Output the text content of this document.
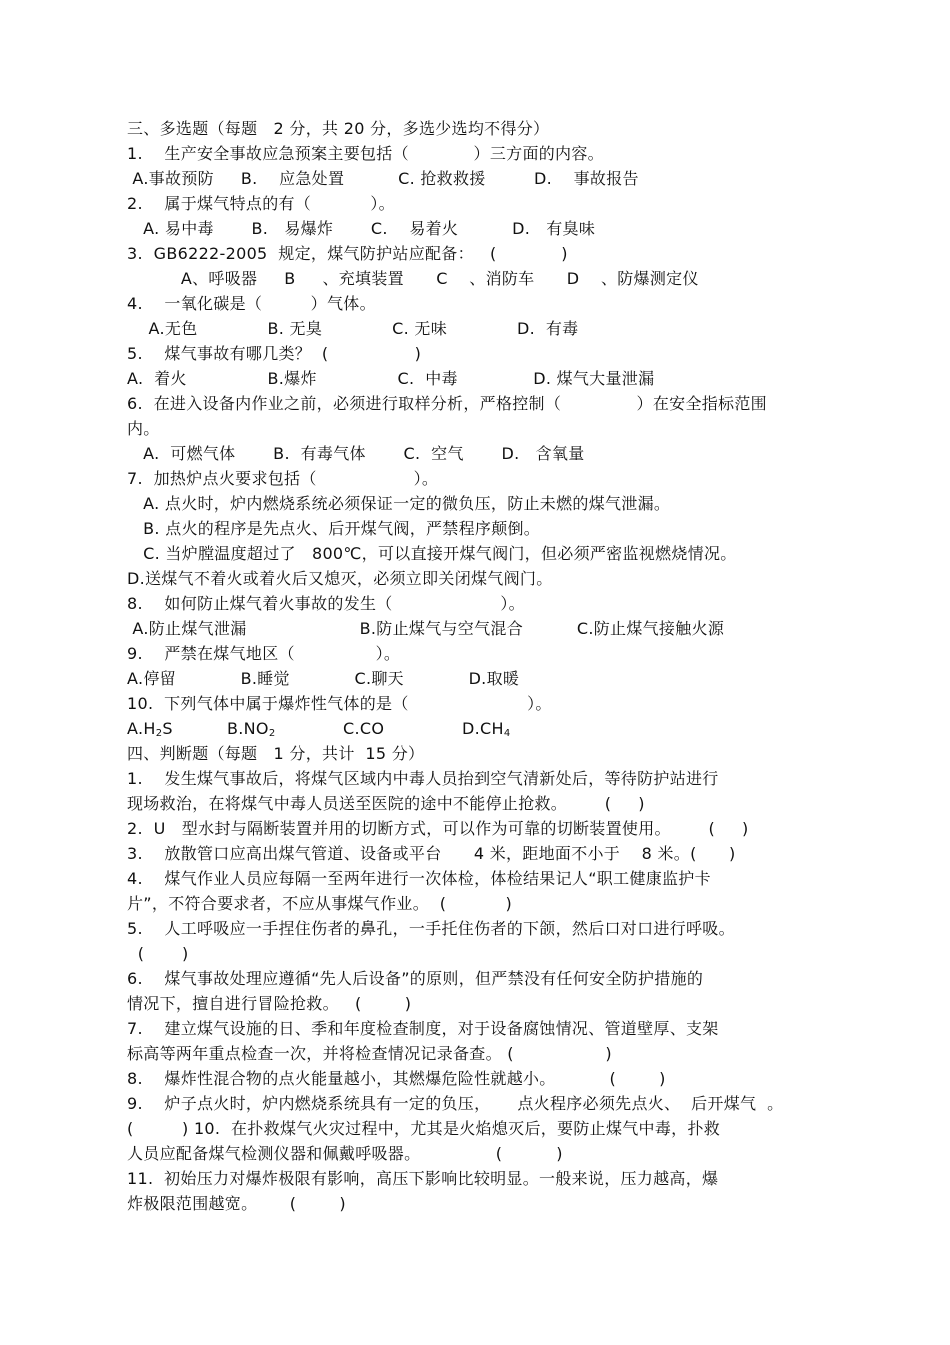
三、多选题（每题   2 分，共 20 分，多选少选均不得分）
1.    生产安全事故应急预案主要包括（            ）三方面的内容。
A.事故预防     B.    应急处置          C. 抢救救援         D.    事故报告
2.    属于煤气特点的有（           ）。
A. 易中毒       B.   易爆炸       C.    易着火          D.   有臭味
3.  GB6222-2005  规定，煤气防护站应配备：   (            )
A、呼吸器     B     、充填装置      C    、消防车      D    、防爆测定仪
4.    一氧化碳是（         ）气体。
A.无色             B. 无臭             C. 无味             D.  有毒
5.    煤气事故有哪几类？  (                )
A.  着火               B.爆炸               C.  中毒              D. 煤气大量泄漏
6.  在进入设备内作业之前，必须进行取样分析，严格控制（              ）在安全指标范围
内。
A.  可燃气体       B.  有毒气体       C.  空气       D.   含氧量
7.  加热炉点火要求包括（                  ）。
A. 点火时，炉内燃烧系统必须保证一定的微负压，防止未燃的煤气泄漏。
B. 点火的程序是先点火、后开煤气阀，严禁程序颠倒。
C. 当炉膛温度超过了   800℃，可以直接开煤气阀门，但必须严密监视燃烧情况。
D.送煤气不着火或着火后又熄灭，必须立即关闭煤气阀门。
8.    如何防止煤气着火事故的发生（                    ）。
A.防止煤气泄漏                     B.防止煤气与空气混合          C.防止煤气接触火源
9.    严禁在煤气地区（               ）。
A.停留            B.睡觉            C.聊天            D.取暖
10.  下列气体中属于爆炸性气体的是（                      ）。
$A.H_2S$	$B.NO_2$	C.CO	$D.CH_4$
四、判断题（每题   1 分，共计  15 分）
1.    发生煤气事故后，将煤气区域内中毒人员抬到空气清新处后，等待防护站进行
现场救治，在将煤气中毒人员送至医院的途中不能停止抢救。       (     )
2.  U   型水封与隔断装置并用的切断方式，可以作为可靠的切断装置使用。       (     )
3.    放散管口应高出煤气管道、设备或平台      4 米，距地面不小于    8 米。(      )
4.    煤气作业人员应每隔一至两年进行一次体检，体检结果记人“职工健康监护卡
片”，不符合要求者，不应从事煤气作业。  (           )
5.    人工呼吸应一手捏住伤者的鼻孔，一手托住伤者的下颌，然后口对口进行呼吸。
(       )
6.    煤气事故处理应遵循“先人后设备”的原则，但严禁没有任何安全防护措施的
情况下，擅自进行冒险抢救。   (        )
7.    建立煤气设施的日、季和年度检查制度，对于设备腐蚀情况、管道壁厚、支架
标高等两年重点检查一次，并将检查情况记录备查。 (                 )
8.    爆炸性混合物的点火能量越小，其燃爆危险性就越小。          (        )
9.    炉子点火时，炉内燃烧系统具有一定的负压，     点火程序必须先点火、  后开煤气  。
(         ) 10.  在扑救煤气火灾过程中，尤其是火焰熄灭后，要防止煤气中毒，扑救
人员应配备煤气检测仪器和佩戴呼吸器。              (          )
11.  初始压力对爆炸极限有影响，高压下影响比较明显。一般来说，压力越高，爆
炸极限范围越宽。      (        )
